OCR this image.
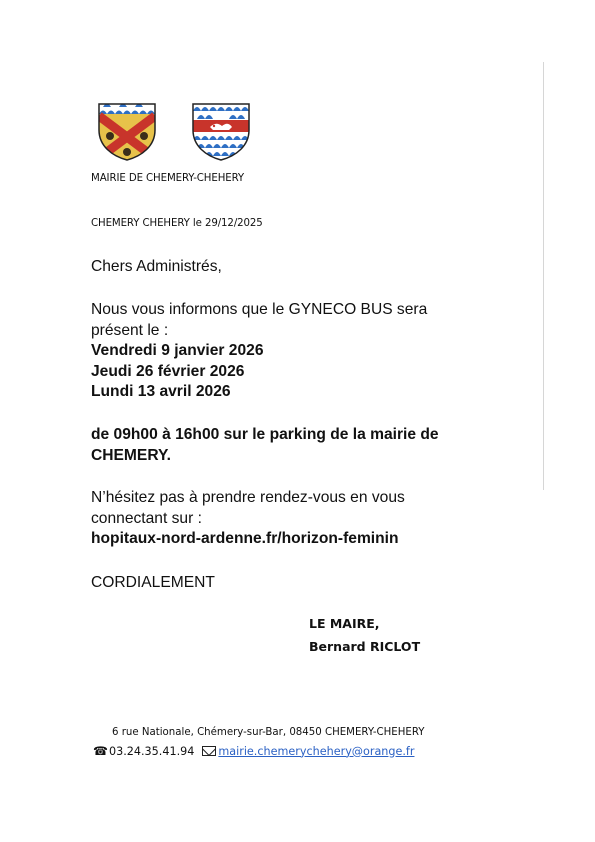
MAIRIE DE CHEMERY-CHEHERY
CHEMERY CHEHERY le 29/12/2025
Chers Administrés,
Nous vous informons que le GYNECO BUS sera
présent le :
Vendredi 9 janvier 2026
Jeudi 26 février 2026
Lundi 13 avril 2026
de 09h00 à 16h00 sur le parking de la mairie de
CHEMERY.
N’hésitez pas à prendre rendez-vous en vous
connectant sur :
hopitaux-nord-ardenne.fr/horizon-feminin
CORDIALEMENT
LE MAIRE,
Bernard RICLOT
6 rue Nationale, Chémery-sur-Bar, 08450 CHEMERY-CHEHERY
☎ 03.24.35.41.94 mairie.chemerychehery@orange.fr
